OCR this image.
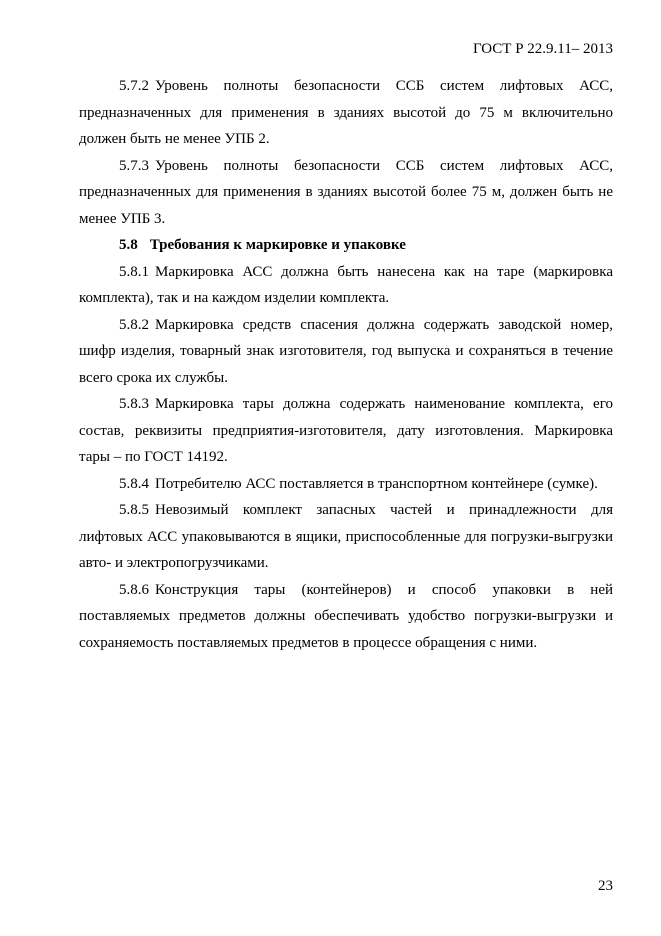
ГОСТ Р 22.9.11– 2013

5.7.2 Уровень полноты безопасности ССБ систем лифтовых АСС, предназначенных для применения в зданиях высотой до 75 м включительно должен быть не менее УПБ 2.

5.7.3 Уровень полноты безопасности ССБ систем лифтовых АСС, предназначенных для применения в зданиях высотой более 75 м, должен быть не менее УПБ 3.

5.8 Требования к маркировке и упаковке

5.8.1 Маркировка АСС должна быть нанесена как на таре (маркировка комплекта), так и на каждом изделии комплекта.

5.8.2 Маркировка средств спасения должна содержать заводской номер, шифр изделия, товарный знак изготовителя, год выпуска и сохраняться в течение всего срока их службы.

5.8.3 Маркировка тары должна содержать наименование комплекта, его состав, реквизиты предприятия-изготовителя, дату изготовления. Маркировка тары – по ГОСТ 14192.

5.8.4 Потребителю АСС поставляется в транспортном контейнере (сумке).

5.8.5 Невозимый комплект запасных частей и принадлежности для лифтовых АСС упаковываются в ящики, приспособленные для погрузки-выгрузки авто- и электропогрузчиками.

5.8.6 Конструкция тары (контейнеров) и способ упаковки в ней поставляемых предметов должны обеспечивать удобство погрузки-выгрузки и сохраняемость поставляемых предметов в процессе обращения с ними.

23
